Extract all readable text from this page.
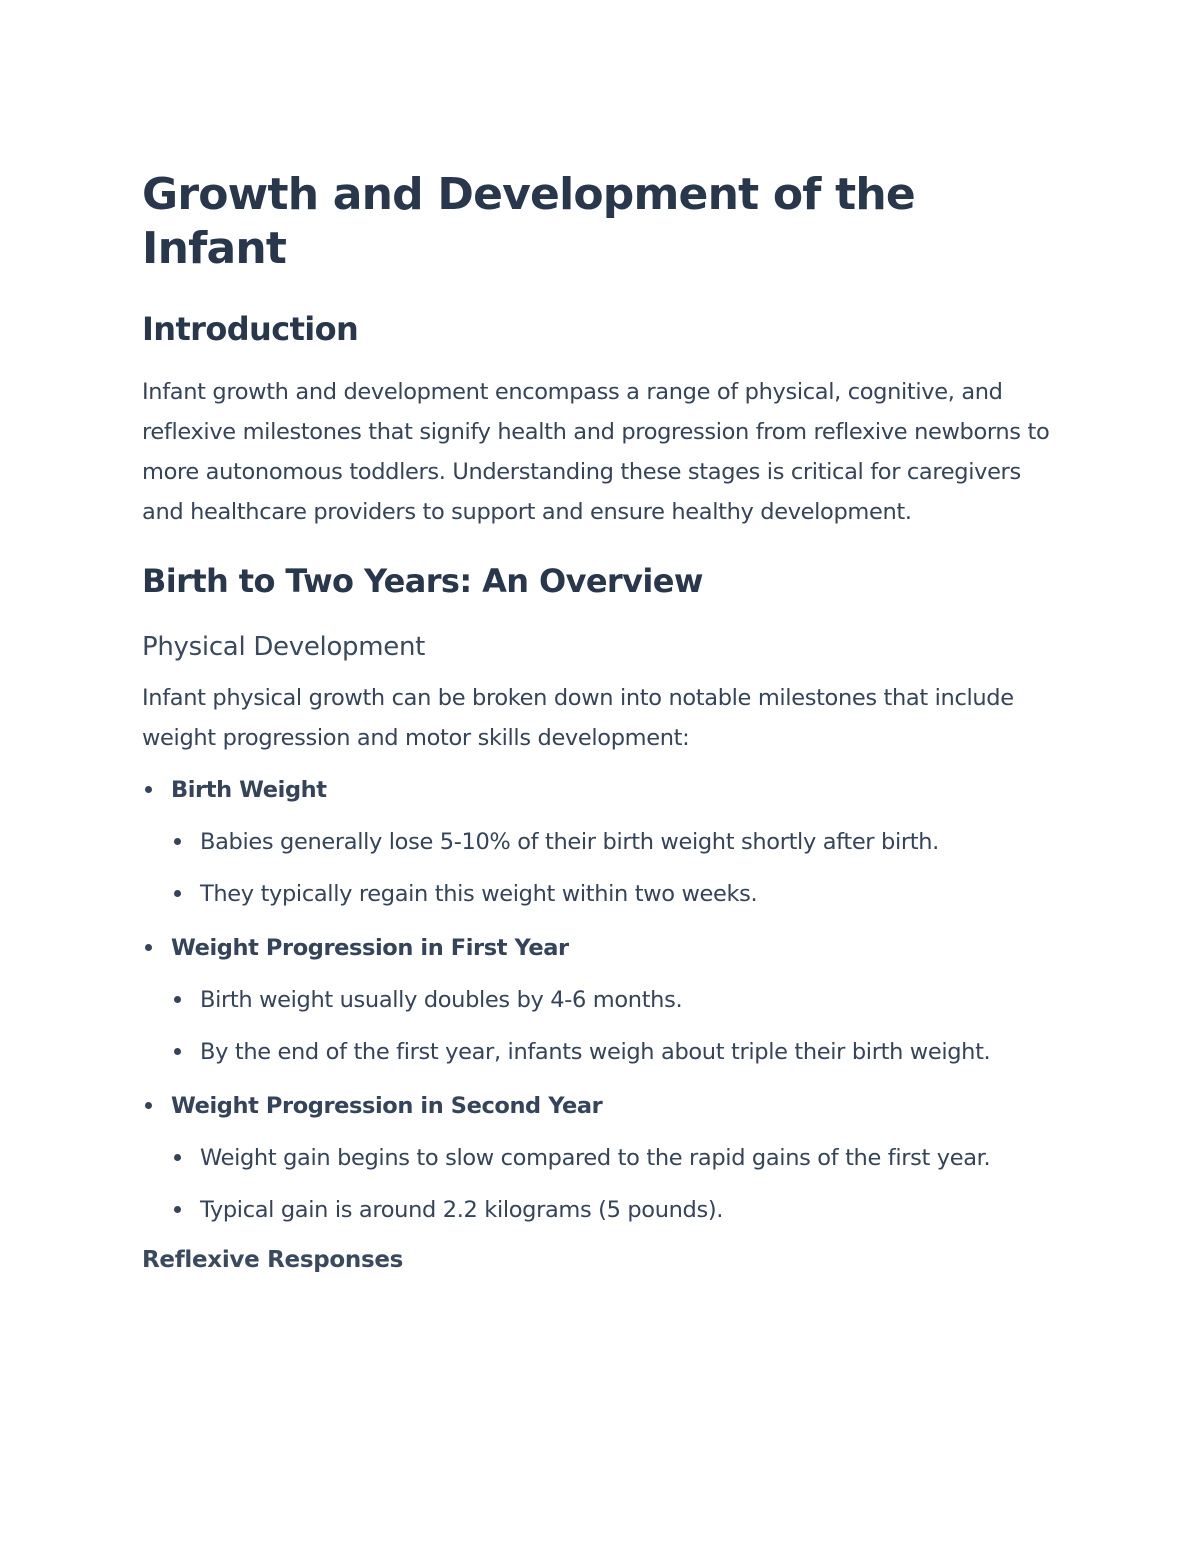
Growth and Development of the Infant
Introduction

Infant growth and development encompass a range of physical, cognitive, and reflexive milestones that signify health and progression from reflexive newborns to more autonomous toddlers. Understanding these stages is critical for caregivers and healthcare providers to support and ensure healthy development.

Birth to Two Years: An Overview
Physical Development

Infant physical growth can be broken down into notable milestones that include weight progression and motor skills development:

Birth Weight
Babies generally lose 5-10% of their birth weight shortly after birth.
They typically regain this weight within two weeks.
Weight Progression in First Year
Birth weight usually doubles by 4-6 months.
By the end of the first year, infants weigh about triple their birth weight.
Weight Progression in Second Year
Weight gain begins to slow compared to the rapid gains of the first year.
Typical gain is around 2.2 kilograms (5 pounds).
Reflexive Responses
